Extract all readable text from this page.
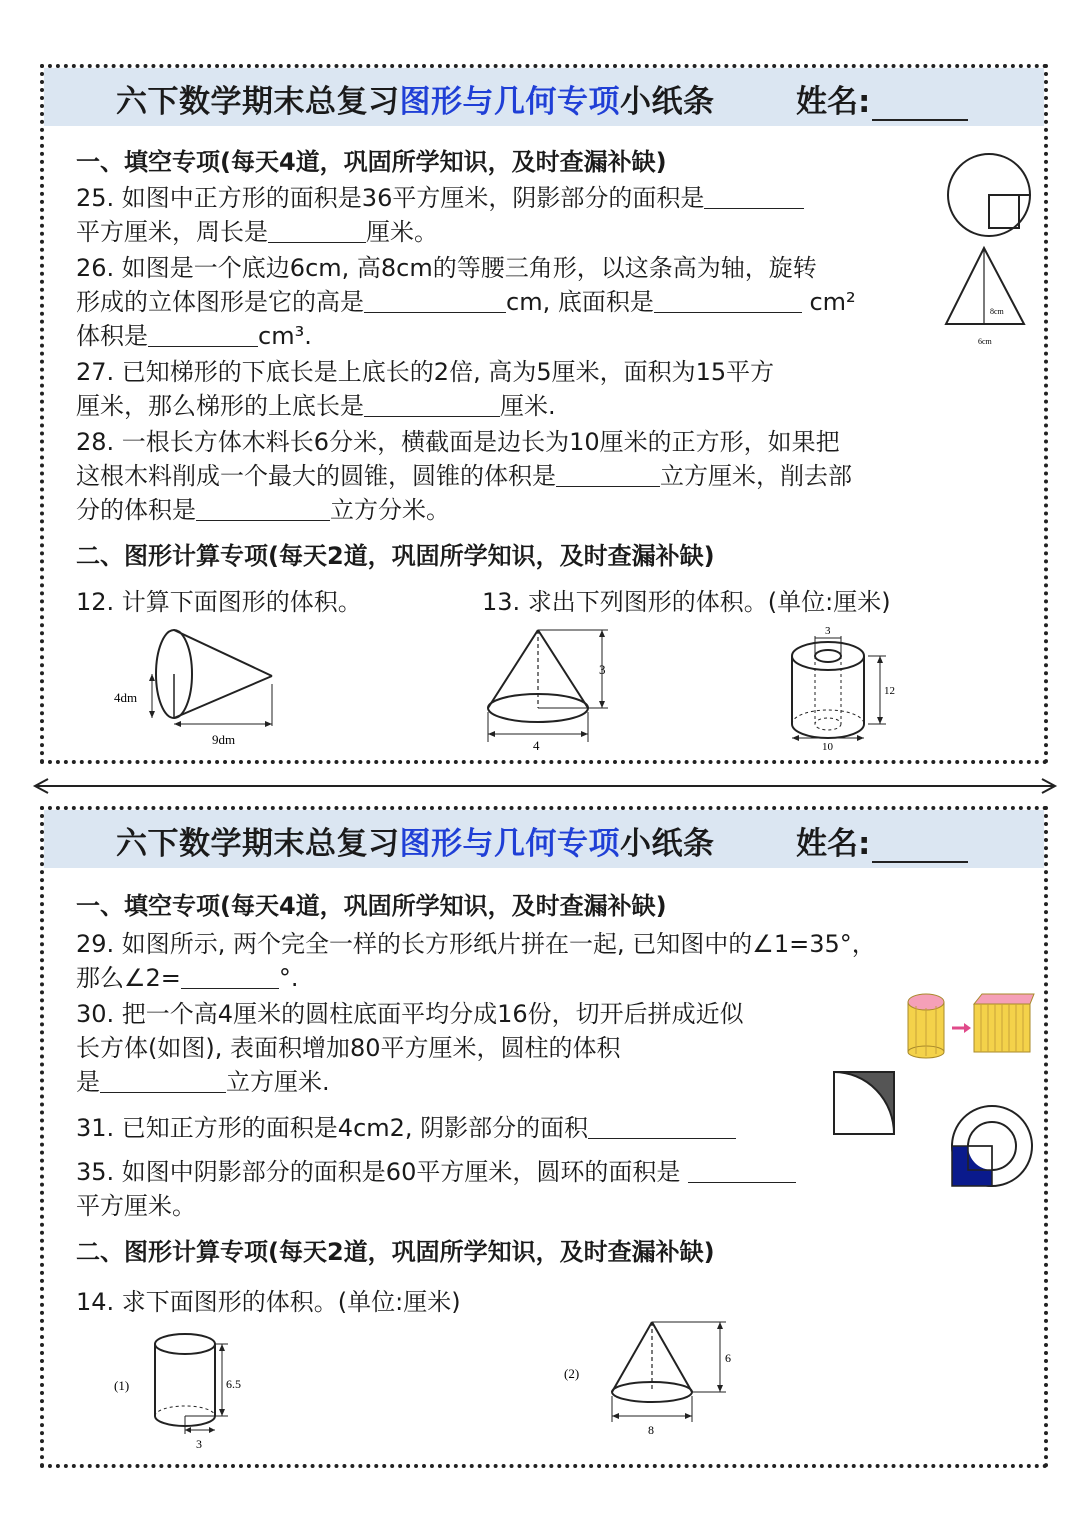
六下数学期末总复习图形与几何专项小纸条	姓名:
一、填空专项(每天4道，巩固所学知识，及时查漏补缺)
25. 如图中正方形的面积是36平方厘米，阴影部分的面积是
平方厘米，周长是	厘米。
26. 如图是一个底边6cm, 高8cm的等腰三角形，以这条高为轴，旋转
形成的立体图形是它的高是	cm, 底面积是	cm²
体积是	cm³.
27. 已知梯形的下底长是上底长的2倍, 高为5厘米，面积为15平方
厘米，那么梯形的上底长是	厘米.
28. 一根长方体木料长6分米，横截面是边长为10厘米的正方形，如果把
这根木料削成一个最大的圆锥，圆锥的体积是	立方厘米，削去部
分的体积是	立方分米。
二、图形计算专项(每天2道，巩固所学知识，及时查漏补缺)
12. 计算下面图形的体积。	13. 求出下列图形的体积。(单位:厘米)
8cm
6cm
4dm
9dm
3
4
3
12
10
六下数学期末总复习图形与几何专项小纸条	姓名:
一、填空专项(每天4道，巩固所学知识，及时查漏补缺)
29. 如图所示, 两个完全一样的长方形纸片拼在一起, 已知图中的∠1=35°，
那么∠2=	°.
30. 把一个高4厘米的圆柱底面平均分成16份，切开后拼成近似
长方体(如图), 表面积增加80平方厘米，圆柱的体积
是	立方厘米.
31. 已知正方形的面积是4cm2, 阴影部分的面积
35. 如图中阴影部分的面积是60平方厘米，圆环的面积是
平方厘米。
二、图形计算专项(每天2道，巩固所学知识，及时查漏补缺)
14. 求下面图形的体积。(单位:厘米)
(1)
3
6.5
(2)
6
8
